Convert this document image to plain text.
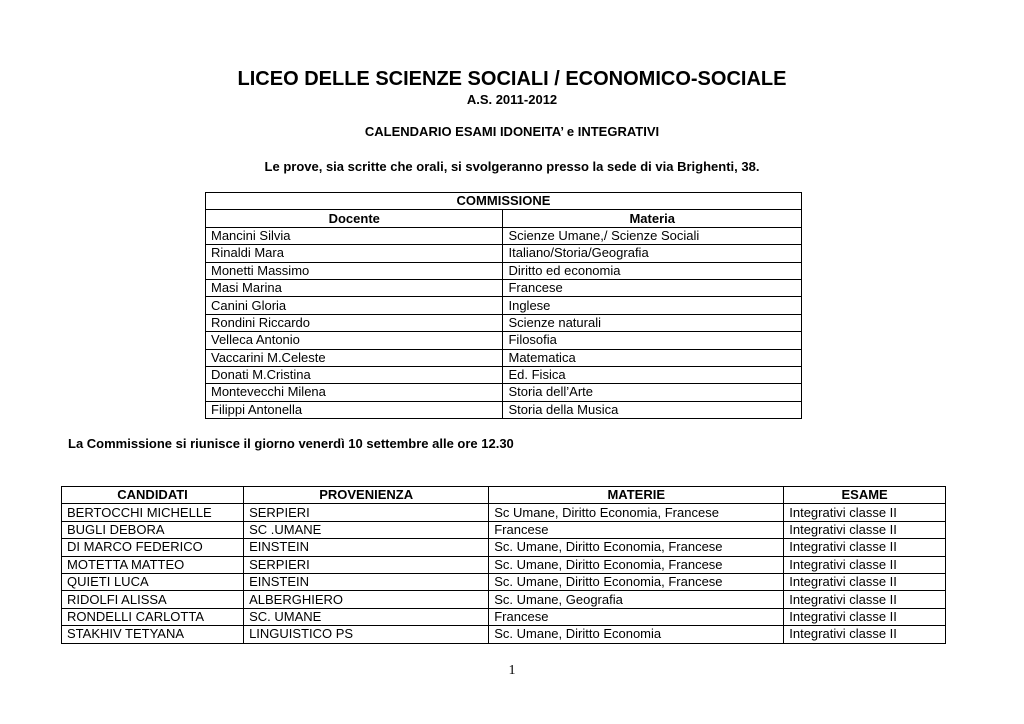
LICEO DELLE SCIENZE SOCIALI / ECONOMICO-SOCIALE
A.S. 2011-2012
CALENDARIO ESAMI IDONEITA’ e INTEGRATIVI
Le prove, sia scritte che orali, si svolgeranno presso la sede di via Brighenti, 38.
COMMISSIONE	
Docente	Materia
Mancini Silvia	Scienze Umane,/ Scienze Sociali
Rinaldi Mara	Italiano/Storia/Geografia
Monetti Massimo	Diritto ed economia
Masi Marina	Francese
Canini Gloria	Inglese
Rondini Riccardo	Scienze naturali
Velleca Antonio	Filosofia
Vaccarini M.Celeste	Matematica
Donati M.Cristina	Ed. Fisica
Montevecchi Milena	Storia dell’Arte
Filippi Antonella	Storia della Musica
La Commissione si riunisce il giorno venerdì 10 settembre alle ore 12.30
CANDIDATI	PROVENIENZA	MATERIE	ESAME
BERTOCCHI MICHELLE	SERPIERI	Sc Umane, Diritto Economia, Francese	Integrativi classe II
BUGLI DEBORA	SC .UMANE	Francese	Integrativi classe II
DI MARCO FEDERICO	EINSTEIN	Sc. Umane, Diritto Economia, Francese	Integrativi classe II
MOTETTA MATTEO	SERPIERI	Sc. Umane, Diritto Economia, Francese	Integrativi classe II
QUIETI LUCA	EINSTEIN	Sc. Umane, Diritto Economia, Francese	Integrativi classe II
RIDOLFI ALISSA	ALBERGHIERO	Sc. Umane, Geografia	Integrativi classe II
RONDELLI CARLOTTA	SC. UMANE	Francese	Integrativi classe II
STAKHIV TETYANA	LINGUISTICO PS	Sc. Umane, Diritto Economia	Integrativi classe II
1
